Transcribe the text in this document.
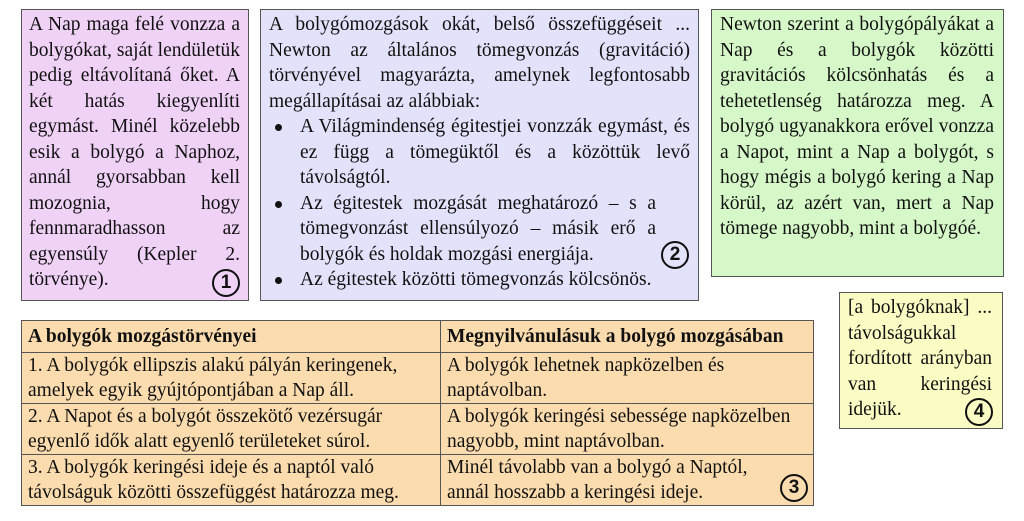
A Nap maga felé vonzza a bolygókat, saját lendületük pedig eltávolítaná őket. A két hatás kiegyenlíti egymást. Minél közelebb esik a bolygó a Naphoz, annál gyorsabban kell mozognia, hogy fennmaradhasson az egyensúly (Kepler 2. törvénye).	1

A bolygómozgások okát, belső összefüggéseit ... Newton az általános tömegvonzás (gravitáció) törvényével magyarázta, amelynek legfontosabb megállapításai az alábbiak:

A Világmindenség égitestjei vonzzák egymást, és ez függ a tömegüktől és a közöttük levő távolságtól.
Az égitestek mozgását meghatározó – s a tömegvonzást ellensúlyozó – másik erő a bolygók és holdak mozgási energiája.
Az égitestek közötti tömegvonzás kölcsönös.
2

Newton szerint a bolygópályákat a Nap és a bolygók közötti gravitációs kölcsönhatás és a tehetetlenség határozza meg. A bolygó ugyanakkora erővel vonzza a Napot, mint a Nap a bolygót, s hogy mégis a bolygó kering a Nap körül, az azért van, mert a Nap tömege nagyobb, mint a bolygóé.

[a bolygóknak] ... távolságukkal fordított arányban van keringési idejük.	4
A bolygók mozgástörvényei	Megnyilvánulásuk a bolygó mozgásában
1. A bolygók ellipszis alakú pályán keringenek, amelyek egyik gyújtópontjában a Nap áll.	A bolygók lehetnek napközelben és naptávolban.
2. A Napot és a bolygót összekötő vezérsugár egyenlő idők alatt egyenlő területeket súrol.	A bolygók keringési sebessége napközelben nagyobb, mint naptávolban.
3. A bolygók keringési ideje és a naptól való távolságuk közötti összefüggést határozza meg.	Minél távolabb van a bolygó a Naptól, annál hosszabb a keringési ideje.	3
